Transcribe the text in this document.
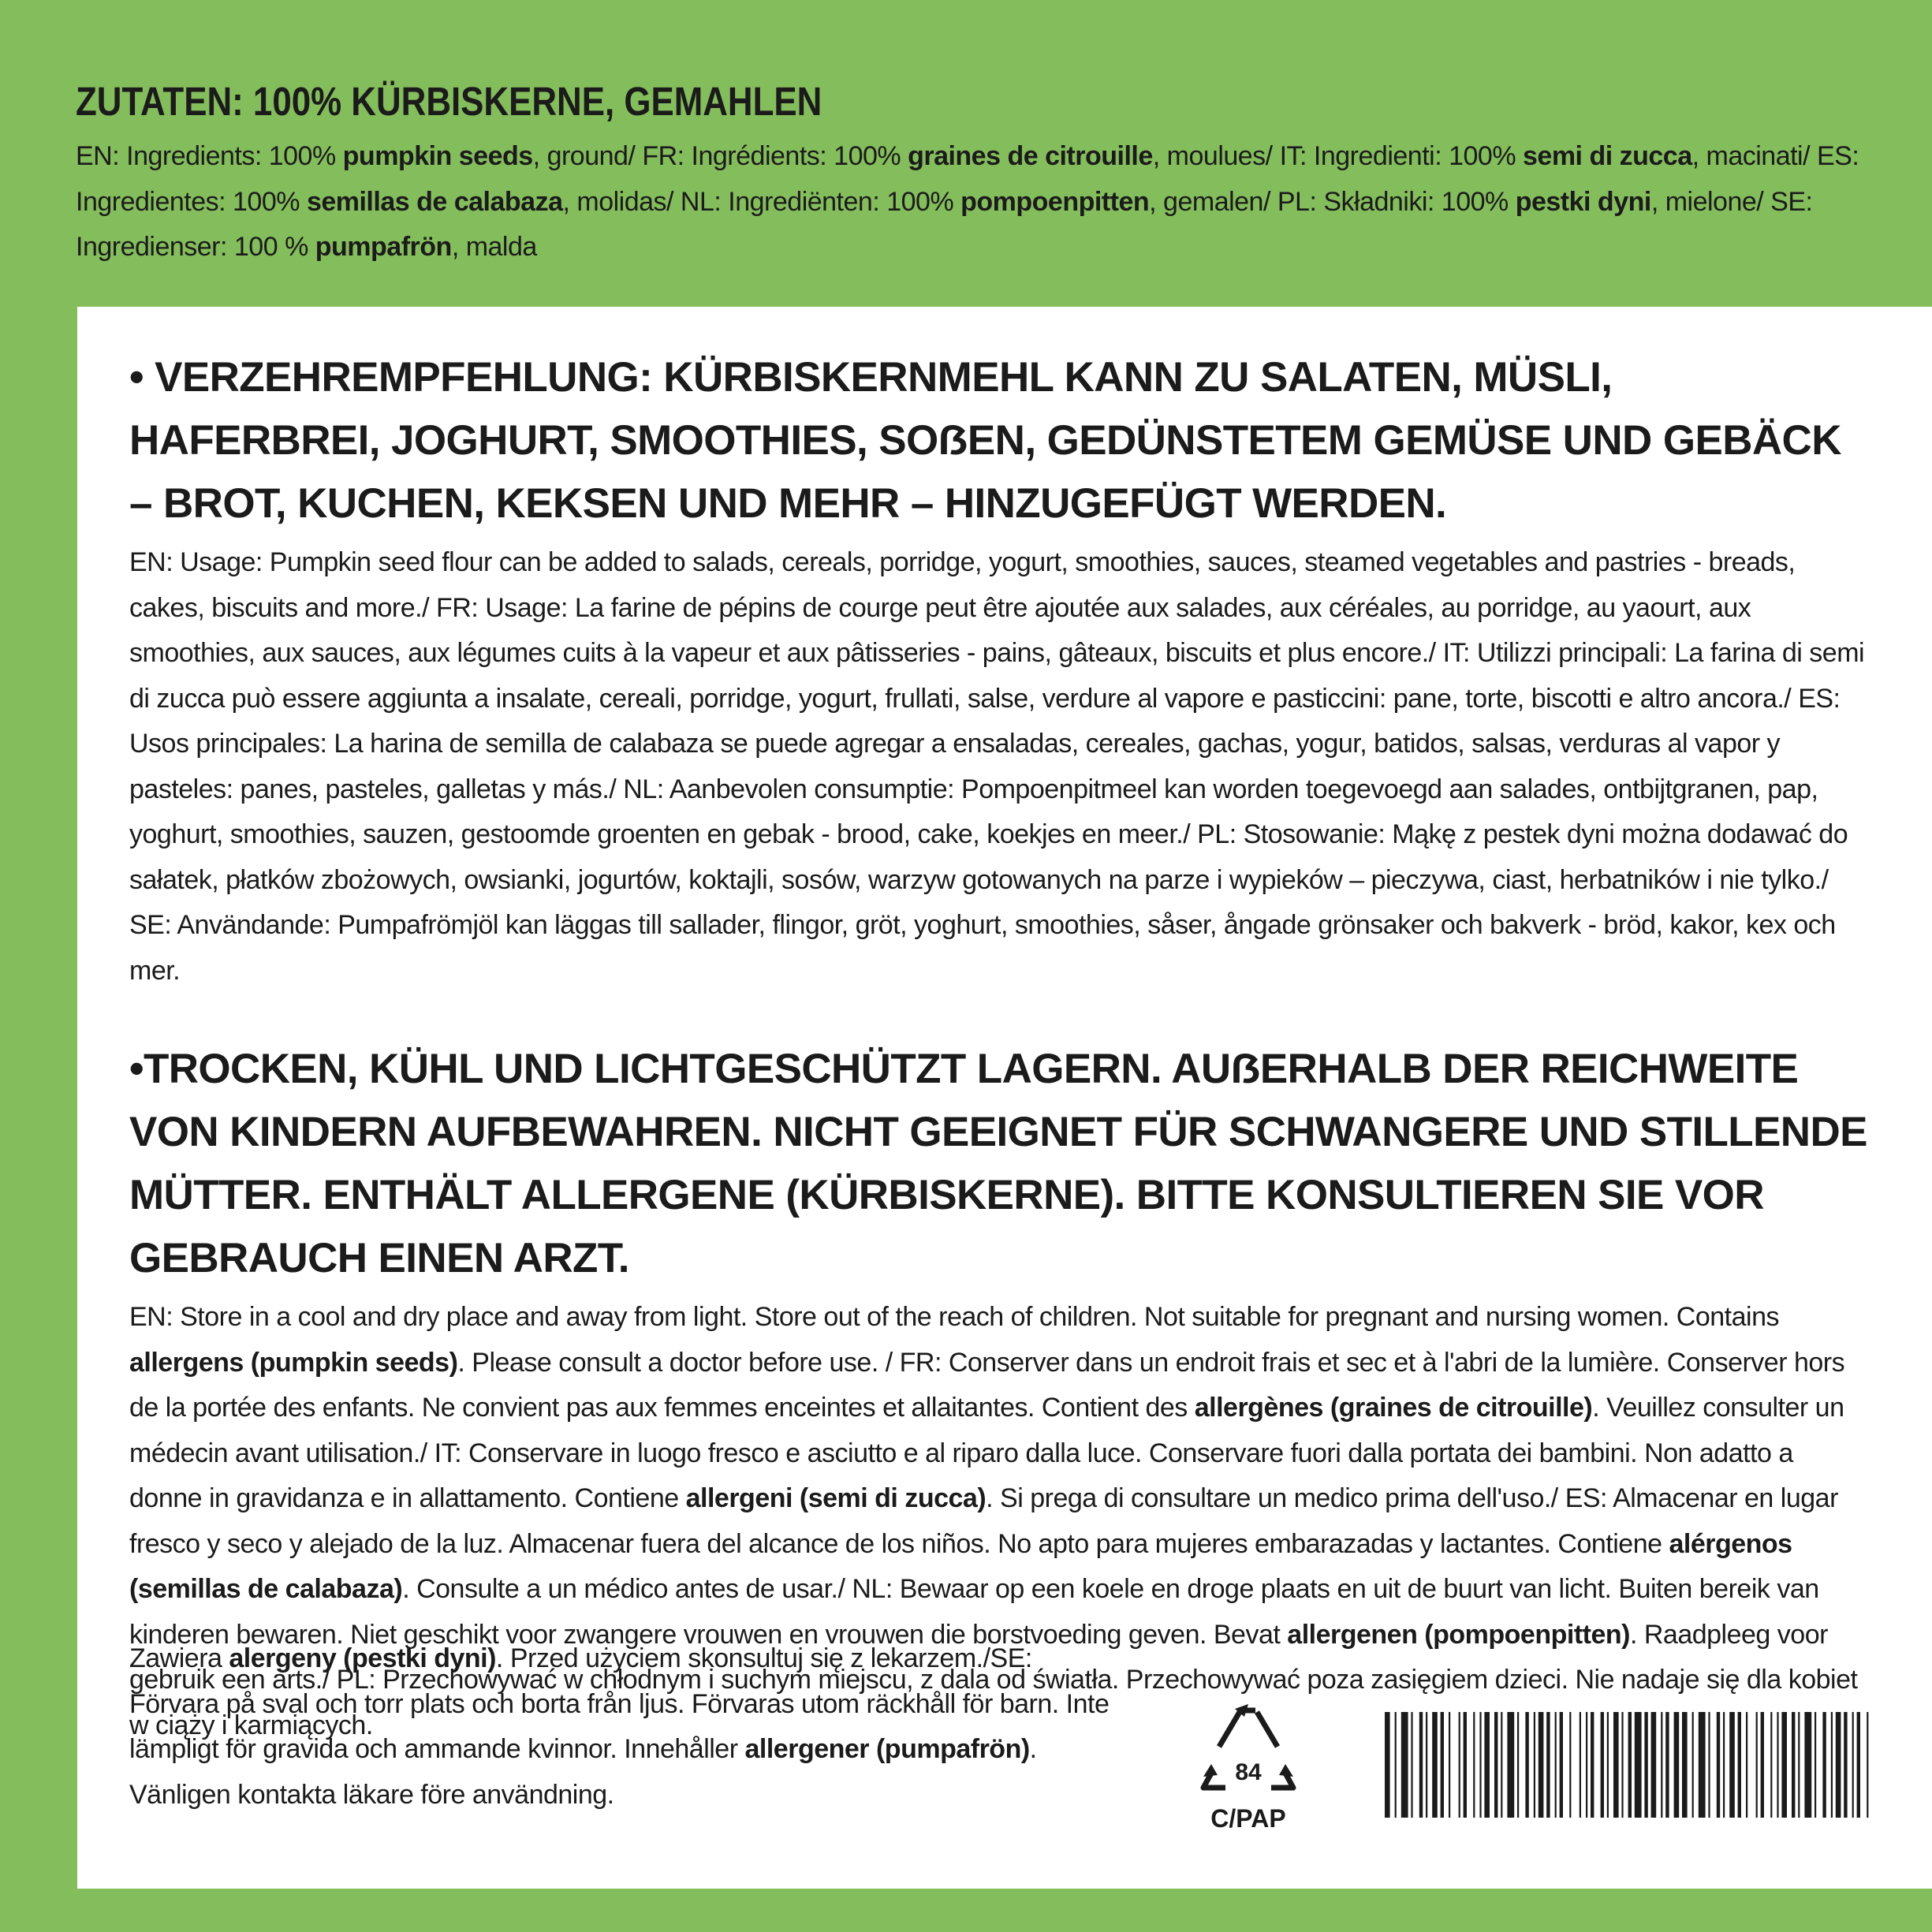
ZUTATEN: 100% KÜRBISKERNE, GEMAHLEN
EN: Ingredients: 100% pumpkin seeds, ground/ FR: Ingrédients: 100% graines de citrouille, moulues/ IT: Ingredienti: 100% semi di zucca, macinati/ ES: Ingredientes: 100% semillas de calabaza, molidas/ NL: Ingrediënten: 100% pompoenpitten, gemalen/ PL: Składniki: 100% pestki dyni, mielone/ SE: Ingredienser: 100 % pumpafrön, malda
• VERZEHREMPFEHLUNG: KÜRBISKERNMEHL KANN ZU SALATEN, MÜSLI, HAFERBREI, JOGHURT, SMOOTHIES, SOẞEN, GEDÜNSTETEM GEMÜSE UND GEBÄCK – BROT, KUCHEN, KEKSEN UND MEHR – HINZUGEFÜGT WERDEN.
EN: Usage: Pumpkin seed flour can be added to salads, cereals, porridge, yogurt, smoothies, sauces, steamed vegetables and pastries - breads, cakes, biscuits and more./ FR: Usage: La farine de pépins de courge peut être ajoutée aux salades, aux céréales, au porridge, au yaourt, aux smoothies, aux sauces, aux légumes cuits à la vapeur et aux pâtisseries - pains, gâteaux, biscuits et plus encore./ IT: Utilizzi principali: La farina di semi di zucca può essere aggiunta a insalate, cereali, porridge, yogurt, frullati, salse, verdure al vapore e pasticcini: pane, torte, biscotti e altro ancora./ ES: Usos principales: La harina de semilla de calabaza se puede agregar a ensaladas, cereales, gachas, yogur, batidos, salsas, verduras al vapor y pasteles: panes, pasteles, galletas y más./ NL: Aanbevolen consumptie: Pompoenpitmeel kan worden toegevoegd aan salades, ontbijtgranen, pap, yoghurt, smoothies, sauzen, gestoomde groenten en gebak - brood, cake, koekjes en meer./ PL: Stosowanie: Mąkę z pestek dyni można dodawać do sałatek, płatków zbożowych, owsianki, jogurtów, koktajli, sosów, warzyw gotowanych na parze i wypieków – pieczywa, ciast, herbatników i nie tylko./ SE: Användande: Pumpafrömjöl kan läggas till sallader, flingor, gröt, yoghurt, smoothies, såser, ångade grönsaker och bakverk - bröd, kakor, kex och mer.
•TROCKEN, KÜHL UND LICHTGESCHÜTZT LAGERN. AUẞERHALB DER REICHWEITE VON KINDERN AUFBEWAHREN. NICHT GEEIGNET FÜR SCHWANGERE UND STILLENDE MÜTTER. ENTHÄLT ALLERGENE (KÜRBISKERNE). BITTE KONSULTIEREN SIE VOR GEBRAUCH EINEN ARZT.
EN: Store in a cool and dry place and away from light. Store out of the reach of children. Not suitable for pregnant and nursing women. Contains allergens (pumpkin seeds). Please consult a doctor before use. / FR: Conserver dans un endroit frais et sec et à l'abri de la lumière. Conserver hors de la portée des enfants. Ne convient pas aux femmes enceintes et allaitantes. Contient des allergènes (graines de citrouille). Veuillez consulter un médecin avant utilisation./ IT: Conservare in luogo fresco e asciutto e al riparo dalla luce. Conservare fuori dalla portata dei bambini. Non adatto a donne in gravidanza e in allattamento. Contiene allergeni (semi di zucca). Si prega di consultare un medico prima dell'uso./ ES: Almacenar en lugar fresco y seco y alejado de la luz. Almacenar fuera del alcance de los niños. No apto para mujeres embarazadas y lactantes. Contiene alérgenos (semillas de calabaza). Consulte a un médico antes de usar./ NL: Bewaar op een koele en droge plaats en uit de buurt van licht. Buiten bereik van kinderen bewaren. Niet geschikt voor zwangere vrouwen en vrouwen die borstvoeding geven. Bevat allergenen (pompoenpitten). Raadpleeg voor gebruik een arts./ PL: Przechowywać w chłodnym i suchym miejscu, z dala od światła. Przechowywać poza zasięgiem dzieci. Nie nadaje się dla kobiet w ciąży i karmiących.
Zawiera alergeny (pestki dyni). Przed użyciem skonsultuj się z lekarzem./SE: Förvara på sval och torr plats och borta från ljus. Förvaras utom räckhåll för barn. Inte lämpligt för gravida och ammande kvinnor. Innehåller allergener (pumpafrön). Vänligen kontakta läkare före användning.
84
C/PAP
